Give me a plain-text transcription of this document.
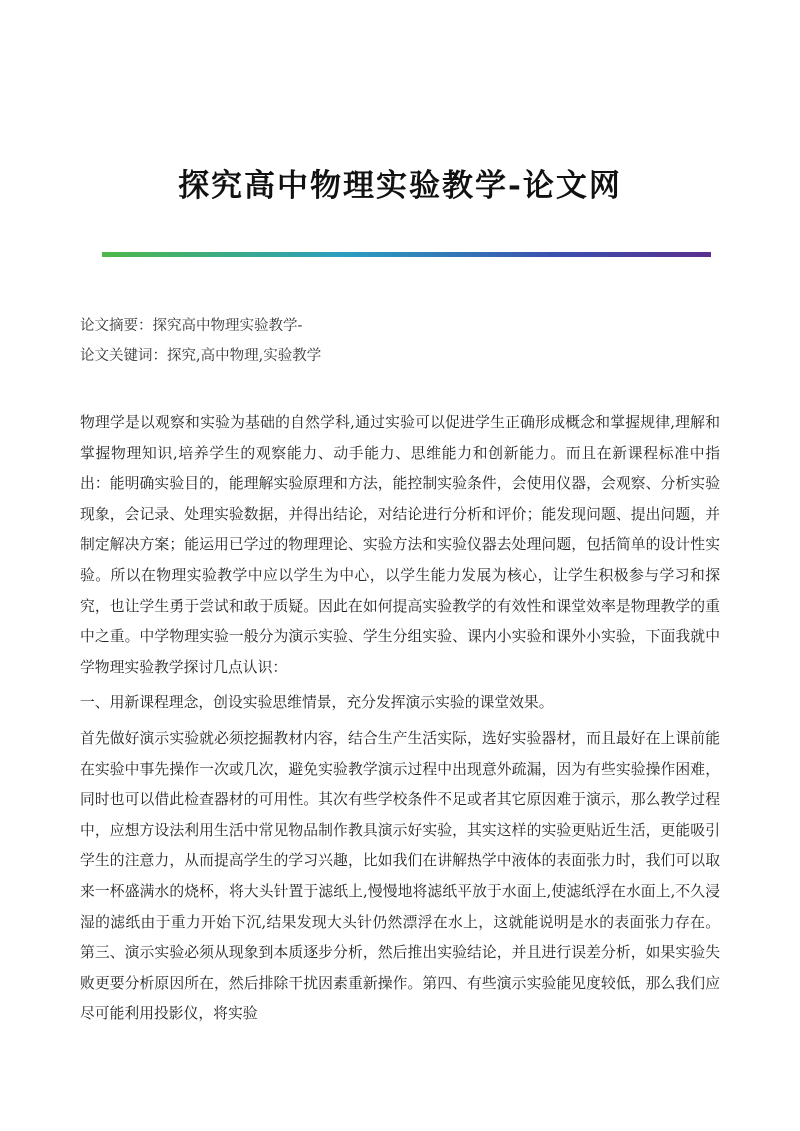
探究高中物理实验教学-论文网
论文摘要：探究高中物理实验教学-
论文关键词：探究,高中物理,实验教学

物理学是以观察和实验为基础的自然学科,通过实验可以促进学生正确形成概念和掌握规律,理解和掌握物理知识,培养学生的观察能力、动手能力、思维能力和创新能力。而且在新课程标准中指出：能明确实验目的，能理解实验原理和方法，能控制实验条件，会使用仪器，会观察、分析实验现象，会记录、处理实验数据，并得出结论，对结论进行分析和评价；能发现问题、提出问题，并制定解决方案；能运用已学过的物理理论、实验方法和实验仪器去处理问题，包括简单的设计性实验。所以在物理实验教学中应以学生为中心，以学生能力发展为核心，让学生积极参与学习和探究，也让学生勇于尝试和敢于质疑。因此在如何提高实验教学的有效性和课堂效率是物理教学的重中之重。中学物理实验一般分为演示实验、学生分组实验、课内小实验和课外小实验，下面我就中学物理实验教学探讨几点认识：

一、用新课程理念，创设实验思维情景，充分发挥演示实验的课堂效果。

首先做好演示实验就必须挖掘教材内容，结合生产生活实际，选好实验器材，而且最好在上课前能在实验中事先操作一次或几次，避免实验教学演示过程中出现意外疏漏，因为有些实验操作困难，同时也可以借此检查器材的可用性。其次有些学校条件不足或者其它原因难于演示，那么教学过程中，应想方设法利用生活中常见物品制作教具演示好实验，其实这样的实验更贴近生活，更能吸引学生的注意力，从而提高学生的学习兴趣，比如我们在讲解热学中液体的表面张力时，我们可以取来一杯盛满水的烧杯，将大头针置于滤纸上,慢慢地将滤纸平放于水面上,使滤纸浮在水面上,不久浸湿的滤纸由于重力开始下沉,结果发现大头针仍然漂浮在水上，这就能说明是水的表面张力存在。第三、演示实验必须从现象到本质逐步分析，然后推出实验结论，并且进行误差分析，如果实验失败更要分析原因所在，然后排除干扰因素重新操作。第四、有些演示实验能见度较低，那么我们应尽可能利用投影仪，将实验
